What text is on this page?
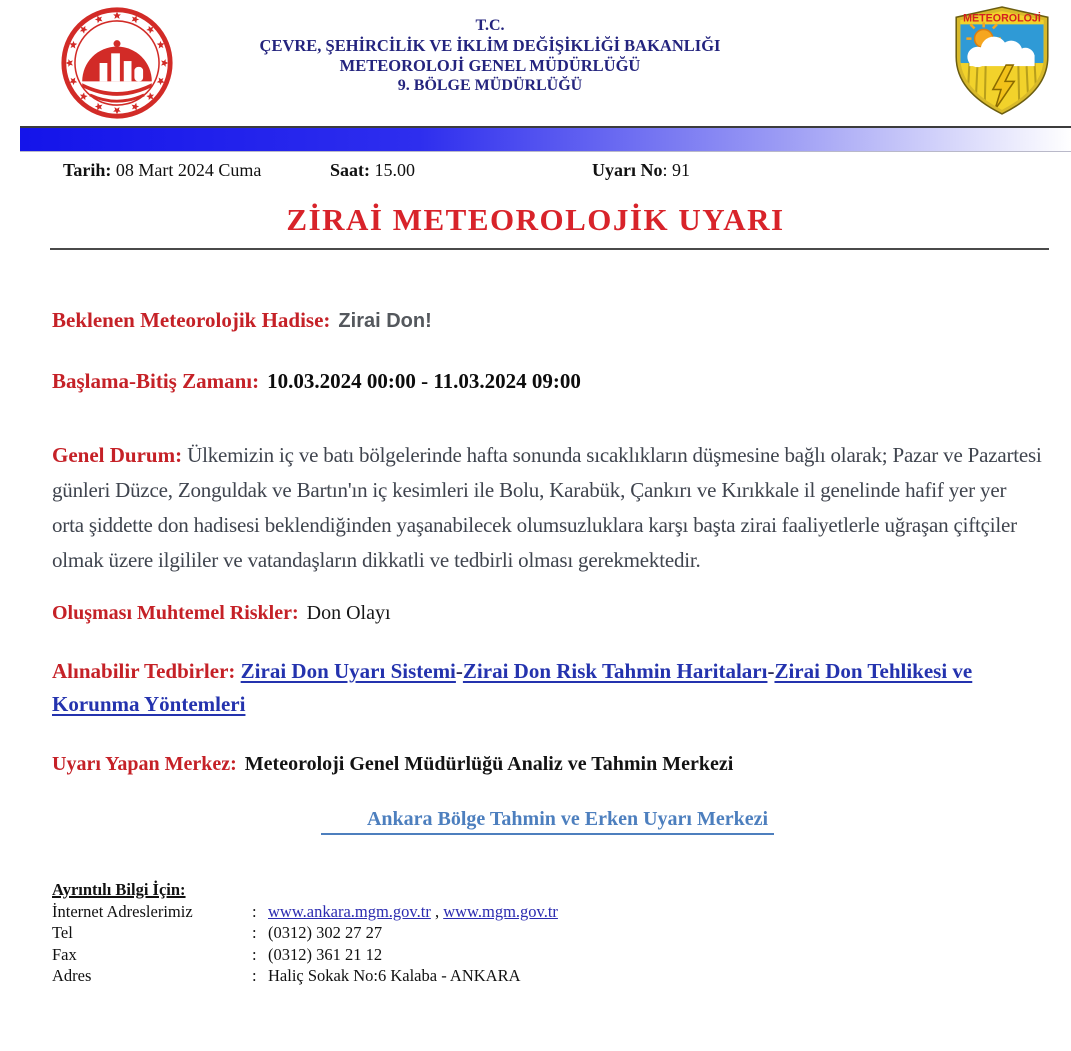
T.C.
ÇEVRE, ŞEHİRCİLİK VE İKLİM DEĞİŞİKLİĞİ BAKANLIĞI
METEOROLOJİ GENEL MÜDÜRLÜĞÜ
9. BÖLGE MÜDÜRLÜĞÜ
METEOROLOJİ
Tarih: 08 Mart 2024 Cuma	Saat: 15.00	Uyarı No: 91
ZİRAİ METEOROLOJİK UYARI
Beklenen Meteorolojik Hadise: Zirai Don!
Başlama-Bitiş Zamanı: 10.03.2024 00:00 - 11.03.2024 09:00
Genel Durum: Ülkemizin iç ve batı bölgelerinde hafta sonunda sıcaklıkların düşmesine bağlı olarak; Pazar ve Pazartesi günleri Düzce, Zonguldak ve Bartın'ın iç kesimleri ile Bolu, Karabük, Çankırı ve Kırıkkale il genelinde hafif yer yer orta şiddette don hadisesi beklendiğinden yaşanabilecek olumsuzluklara karşı başta zirai faaliyetlerle uğraşan çiftçiler olmak üzere ilgililer ve vatandaşların dikkatli ve tedbirli olması gerekmektedir.
Oluşması Muhtemel Riskler: Don Olayı
Alınabilir Tedbirler: Zirai Don Uyarı Sistemi-Zirai Don Risk Tahmin Haritaları-Zirai Don Tehlikesi ve Korunma Yöntemleri
Uyarı Yapan Merkez: Meteoroloji Genel Müdürlüğü Analiz ve Tahmin Merkezi
Ankara Bölge Tahmin ve Erken Uyarı Merkezi
Ayrıntılı Bilgi İçin:
İnternet Adreslerimiz	: www.ankara.mgm.gov.tr , www.mgm.gov.tr
Tel	: (0312) 302 27 27
Fax	: (0312) 361 21 12
Adres	: Haliç Sokak No:6 Kalaba - ANKARA
